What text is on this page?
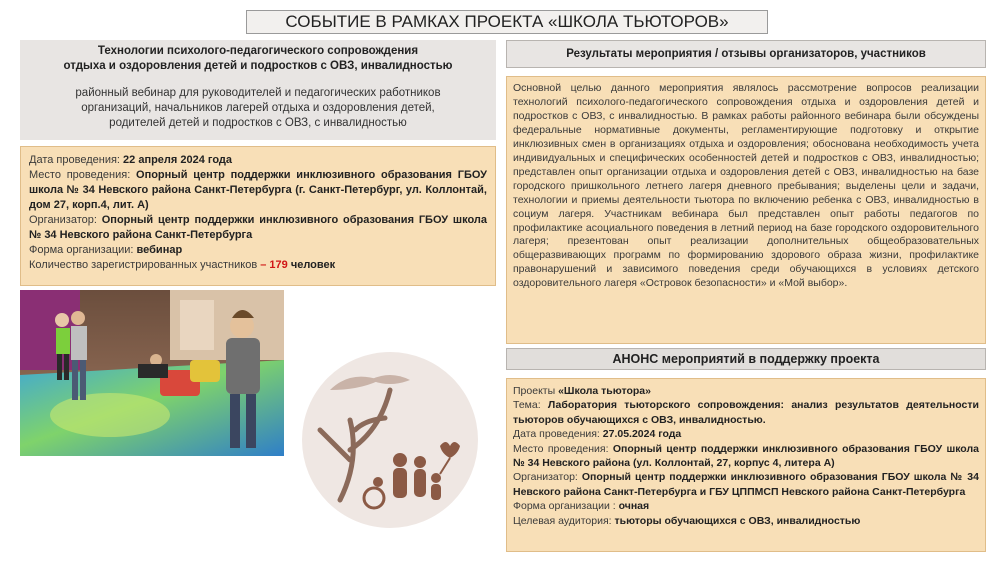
СОБЫТИЕ В РАМКАХ ПРОЕКТА «ШКОЛА ТЬЮТОРОВ»
Технологии психолого-педагогического сопровождения
отдыха и оздоровления детей и подростков с ОВЗ, инвалидностью
районный вебинар для руководителей и педагогических работников
организаций, начальников лагерей отдыха и оздоровления детей,
родителей детей и подростков с ОВЗ, с инвалидностью

Дата проведения: 22 апреля 2024 года

Место проведения: Опорный центр поддержки инклюзивного образования ГБОУ школа № 34 Невского района Санкт-Петербурга (г. Санкт-Петербург, ул. Коллонтай, дом 27, корп.4, лит. А)

Организатор: Опорный центр поддержки инклюзивного образования ГБОУ школа № 34 Невского района Санкт-Петербурга

Форма организации: вебинар

Количество зарегистрированных участников – 179 человек

Результаты мероприятия / отзывы организаторов, участников
Основной целью данного мероприятия являлось рассмотрение вопросов реализации технологий психолого-педагогического сопровождения отдыха и оздоровления детей и подростков с ОВЗ, с инвалидностью. В рамках работы районного вебинара были обсуждены федеральные нормативные документы, регламентирующие подготовку и открытие инклюзивных смен в организациях отдыха и оздоровления; обоснована необходимость учета индивидуальных и специфических особенностей детей и подростков с ОВЗ, инвалидностью; представлен опыт организации отдыха и оздоровления детей с ОВЗ, инвалидностью на базе городского пришкольного летнего лагеря дневного пребывания; выделены цели и задачи, технологии и приемы деятельности тьютора по включению ребенка с ОВЗ, инвалидностью в социум лагеря. Участникам вебинара был представлен опыт работы педагогов по профилактике асоциального поведения в летний период на базе городского оздоровительного лагеря; презентован опыт реализации дополнительных общеобразовательных общеразвивающих программ по формированию здорового образа жизни, профилактике правонарушений и зависимого поведения среди обучающихся в условиях детского оздоровительного лагеря «Островок безопасности» и «Мой выбор».
АНОНС мероприятий в поддержку проекта

Проекты «Школа тьютора»

Тема: Лаборатория тьюторского сопровождения: анализ результатов деятельности тьюторов обучающихся с ОВЗ, инвалидностью.

Дата проведения: 27.05.2024 года

Место проведения: Опорный центр поддержки инклюзивного образования ГБОУ школа № 34 Невского района (ул. Коллонтай, 27, корпус 4, литера А)

Организатор: Опорный центр поддержки инклюзивного образования ГБОУ школа № 34 Невского района Санкт-Петербурга и ГБУ ЦППМСП Невского района Санкт-Петербурга

Форма организации : очная

Целевая аудитория: тьюторы обучающихся с ОВЗ, инвалидностью
